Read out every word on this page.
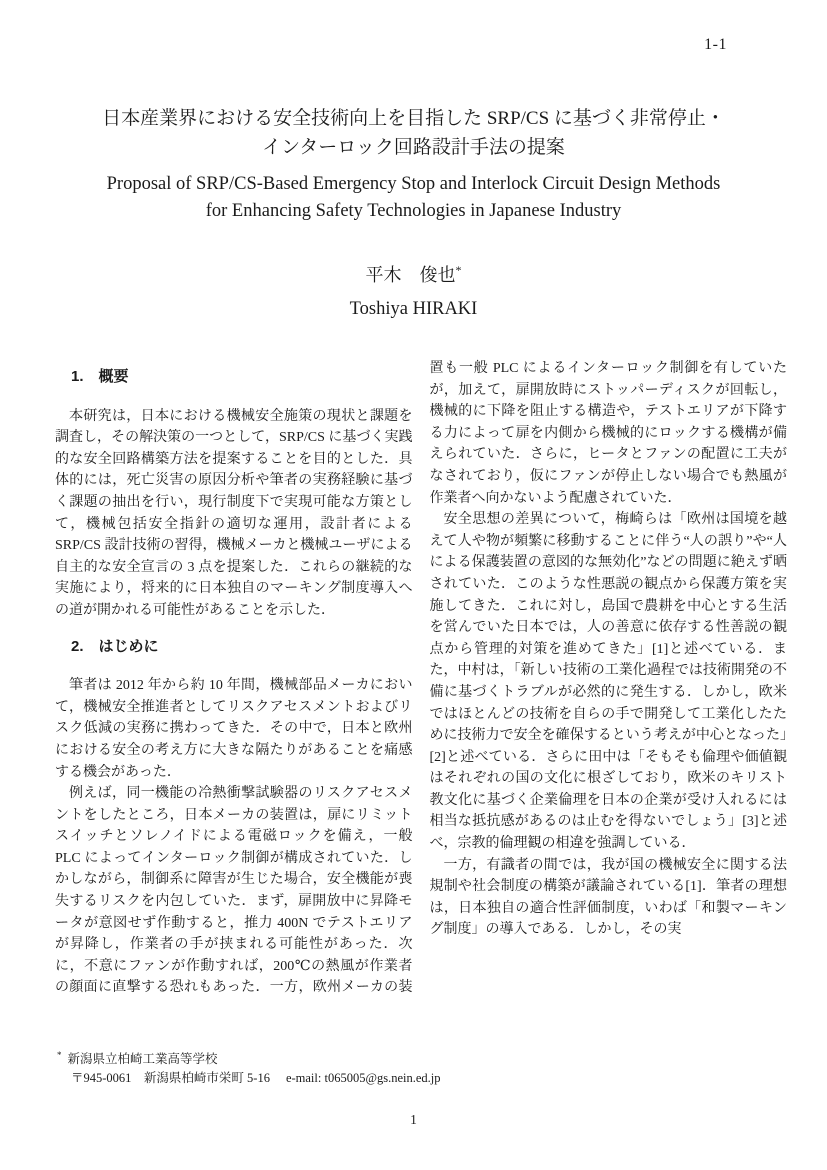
1-1
日本産業界における安全技術向上を目指した SRP/CS に基づく非常停止・
インターロック回路設計手法の提案
Proposal of SRP/CS-Based Emergency Stop and Interlock Circuit Design Methods
for Enhancing Safety Technologies in Japanese Industry
平木　俊也*
Toshiya HIRAKI
1.　概要

本研究は，日本における機械安全施策の現状と課題を調査し，その解決策の一つとして，SRP/CS に基づく実践的な安全回路構築方法を提案することを目的とした．具体的には，死亡災害の原因分析や筆者の実務経験に基づく課題の抽出を行い，現行制度下で実現可能な方策として，機械包括安全指針の適切な運用，設計者による SRP/CS 設計技術の習得，機械メーカと機械ユーザによる自主的な安全宣言の 3 点を提案した．これらの継続的な実施により，将来的に日本独自のマーキング制度導入への道が開かれる可能性があることを示した．

2.　はじめに

筆者は 2012 年から約 10 年間，機械部品メーカにおいて，機械安全推進者としてリスクアセスメントおよびリスク低減の実務に携わってきた．その中で，日本と欧州における安全の考え方に大きな隔たりがあることを痛感する機会があった．

例えば，同一機能の冷熱衝撃試験器のリスクアセスメントをしたところ，日本メーカの装置は，扉にリミットスイッチとソレノイドによる電磁ロックを備え，一般 PLC によってインターロック制御が構成されていた．しかしながら，制御系に障害が生じた場合，安全機能が喪失するリスクを内包していた．まず，扉開放中に昇降モータが意図せず作動すると，推力 400N でテストエリアが昇降し，作業者の手が挟まれる可能性があった．次に，不意にファンが作動すれば，200℃の熱風が作業者の顔面に直撃する恐れもあった．一方，欧州メーカの装置も一般 PLC によるインターロック制御を有していたが，加えて，扉開放時にストッパーディスクが回転し，機械的に下降を阻止する構造や，テストエリアが下降する力によって扉を内側から機械的にロックする機構が備えられていた．さらに，ヒータとファンの配置に工夫がなされており，仮にファンが停止しない場合でも熱風が作業者へ向かないよう配慮されていた．

安全思想の差異について，梅崎らは「欧州は国境を越えて人や物が頻繁に移動することに伴う“人の誤り”や“人による保護装置の意図的な無効化”などの問題に絶えず晒されていた．このような性悪説の観点から保護方策を実施してきた．これに対し，島国で農耕を中心とする生活を営んでいた日本では，人の善意に依存する性善説の観点から管理的対策を進めてきた」[1]と述べている．また，中村は，「新しい技術の工業化過程では技術開発の不備に基づくトラブルが必然的に発生する．しかし，欧米ではほとんどの技術を自らの手で開発して工業化したために技術力で安全を確保するという考えが中心となった」[2]と述べている．さらに田中は「そもそも倫理や価値観はそれぞれの国の文化に根ざしており，欧米のキリスト教文化に基づく企業倫理を日本の企業が受け入れるには相当な抵抗感があるのは止むを得ないでしょう」[3]と述べ，宗教的倫理観の相違を強調している．

一方，有識者の間では，我が国の機械安全に関する法規制や社会制度の構築が議論されている[1]．筆者の理想は，日本独自の適合性評価制度，いわば「和製マーキング制度」の導入である．しかし，その実

* 新潟県立柏崎工業高等学校
〒945-0061　新潟県柏崎市栄町 5-16 e-mail: t065005@gs.nein.ed.jp
1
